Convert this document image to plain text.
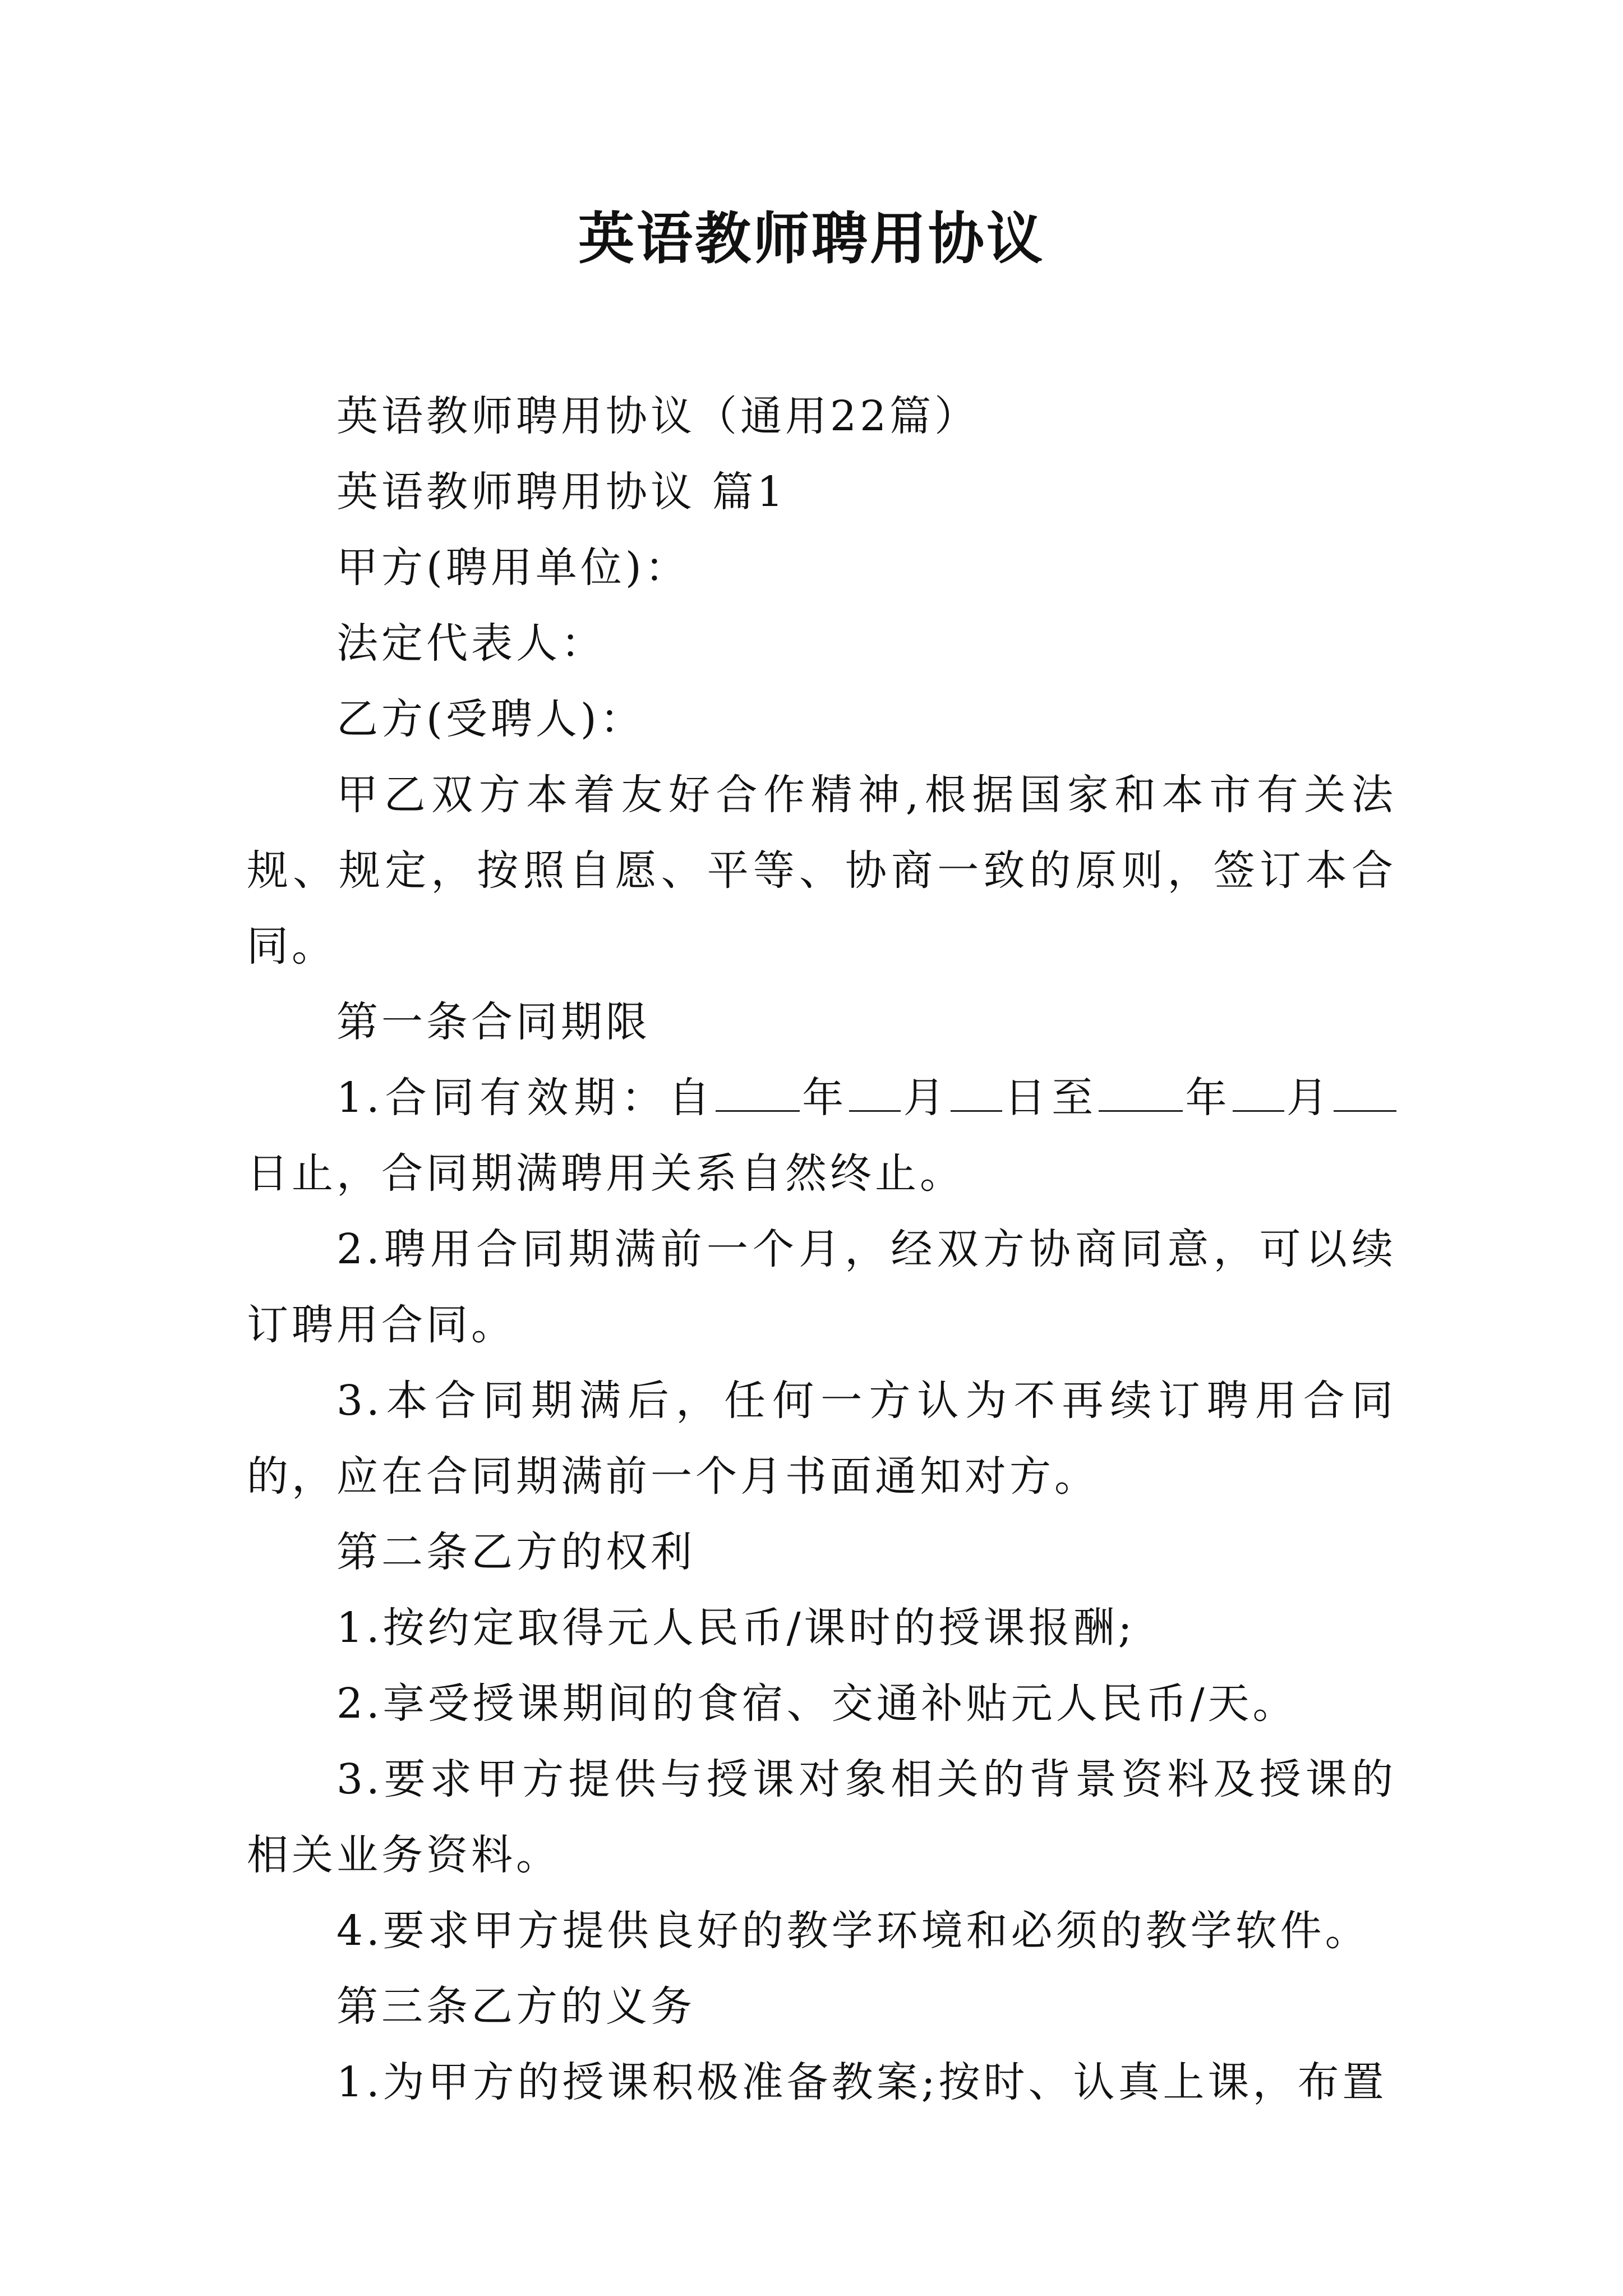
英语教师聘用协议

英语教师聘用协议（通用22篇）

英语教师聘用协议 篇1

甲方(聘用单位)：

法定代表人：

乙方(受聘人)：

甲乙双方本着友好合作精神,根据国家和本市有关法规、规定，按照自愿、平等、协商一致的原则，签订本合同。

第一条合同期限

1.合同有效期：自 年 月 日至 年 月日止，合同期满聘用关系自然终止。

2.聘用合同期满前一个月，经双方协商同意，可以续订聘用合同。

3.本合同期满后，任何一方认为不再续订聘用合同的，应在合同期满前一个月书面通知对方。

第二条乙方的权利

1.按约定取得元人民币/课时的授课报酬;

2.享受授课期间的食宿、交通补贴元人民币/天。

3.要求甲方提供与授课对象相关的背景资料及授课的相关业务资料。

4.要求甲方提供良好的教学环境和必须的教学软件。

第三条乙方的义务

1.为甲方的授课积极准备教案;按时、认真上课，布置
